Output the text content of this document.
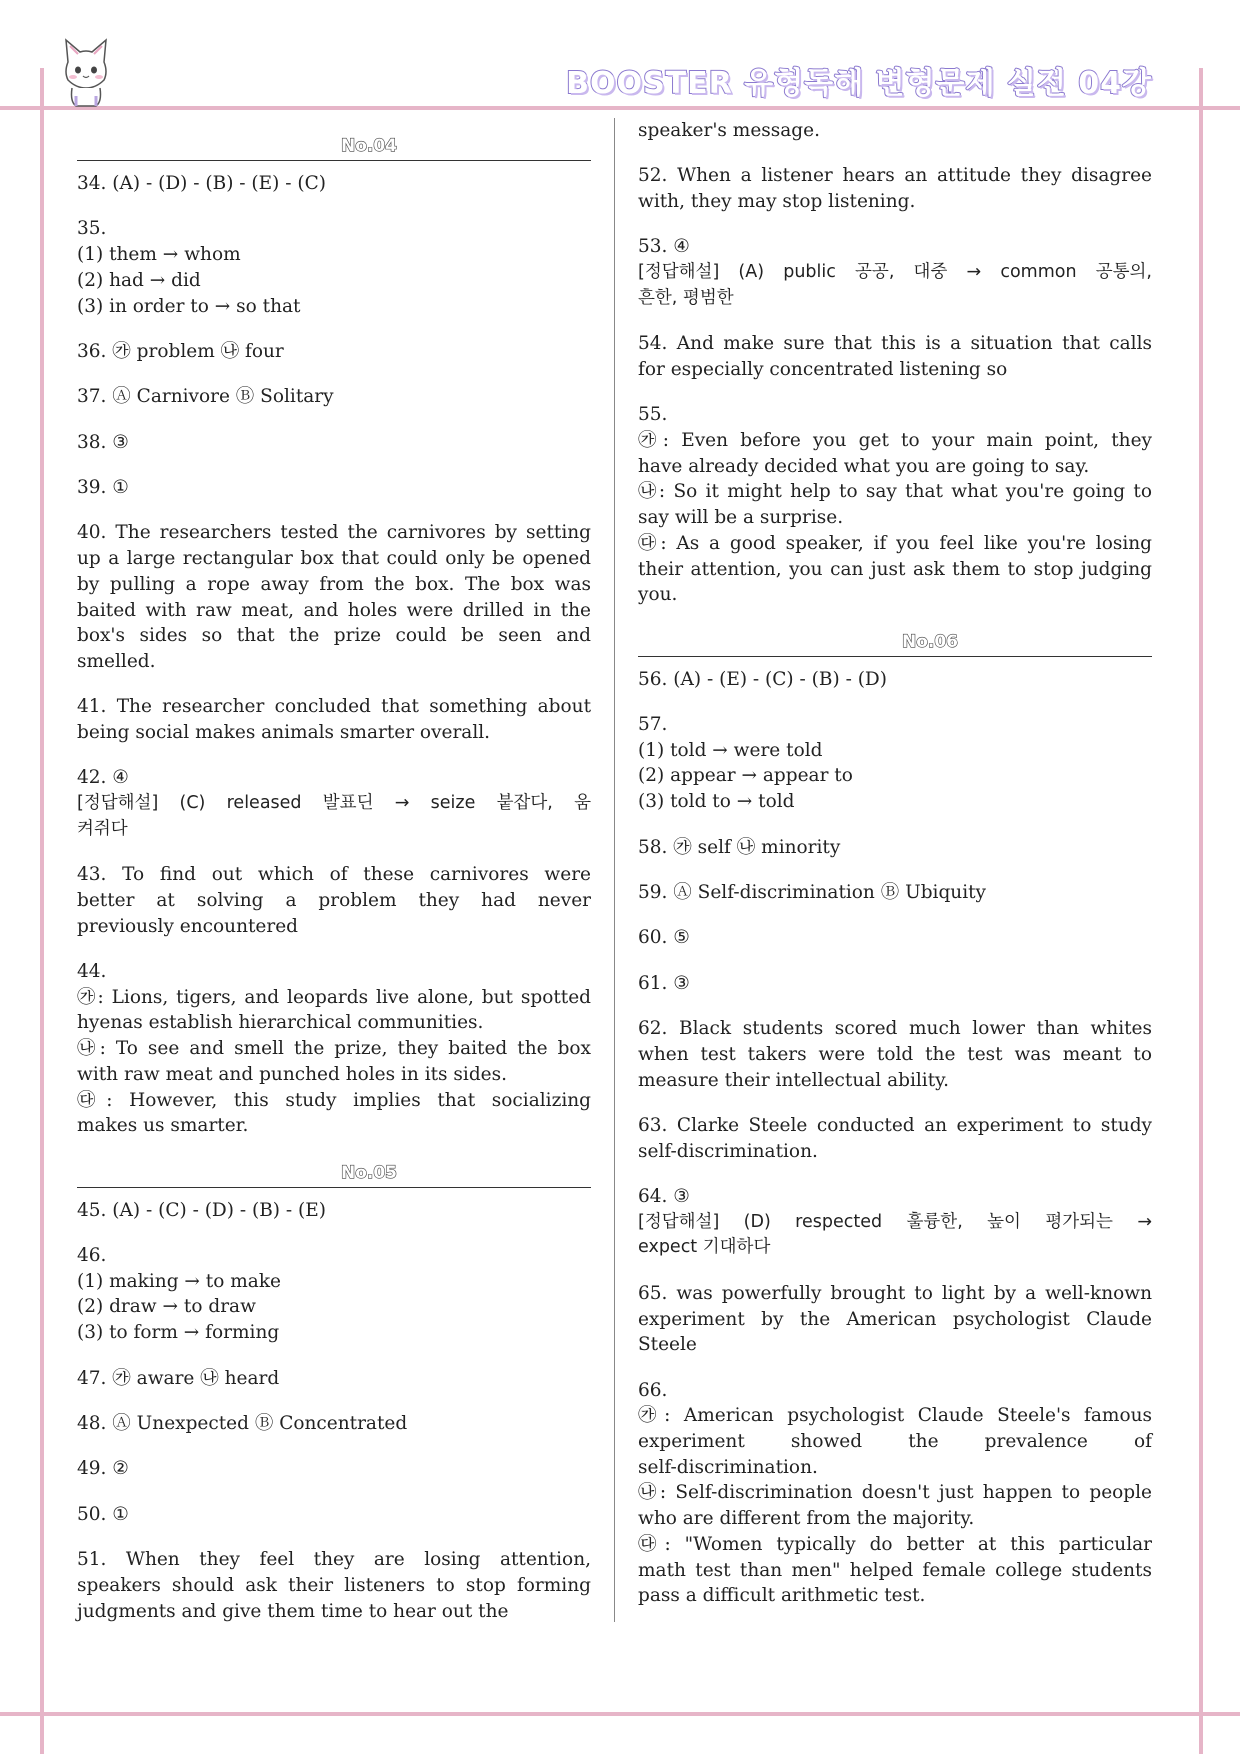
BOOSTER 유형독해 변형문제 실전 04강
No.04
34. (A) - (D) - (B) - (E) - (C)
35.
(1) them → whom
(2) had → did
(3) in order to → so that
36. ㉮ problem ㉯ four
37. Ⓐ Carnivore Ⓑ Solitary
38. ③
39. ①
40. The researchers tested the carnivores by setting
up a large rectangular box that could only be opened
by pulling a rope away from the box. The box was
baited with raw meat, and holes were drilled in the
box's sides so that the prize could be seen and
smelled.
41. The researcher concluded that something about
being social makes animals smarter overall.
42. ④
[정답해설] (C) released 발표딘 → seize 붙잡다, 움
켜쥐다
43. To find out which of these carnivores were
better at solving a problem they had never
previously encountered
44.
㉮: Lions, tigers, and leopards live alone, but spotted
hyenas establish hierarchical communities.
㉯: To see and smell the prize, they baited the box
with raw meat and punched holes in its sides.
㉰: However, this study implies that socializing
makes us smarter.
No.05
45. (A) - (C) - (D) - (B) - (E)
46.
(1) making → to make
(2) draw → to draw
(3) to form → forming
47. ㉮ aware ㉯ heard
48. Ⓐ Unexpected Ⓑ Concentrated
49. ②
50. ①
51. When they feel they are losing attention,
speakers should ask their listeners to stop forming
judgments and give them time to hear out the
speaker's message.
52. When a listener hears an attitude they disagree
with, they may stop listening.
53. ④
[정답해설] (A) public 공공, 대중 → common 공통의,
흔한, 평범한
54. And make sure that this is a situation that calls
for especially concentrated listening so
55.
㉮: Even before you get to your main point, they
have already decided what you are going to say.
㉯: So it might help to say that what you're going to
say will be a surprise.
㉰: As a good speaker, if you feel like you're losing
their attention, you can just ask them to stop judging
you.
No.06
56. (A) - (E) - (C) - (B) - (D)
57.
(1) told → were told
(2) appear → appear to
(3) told to → told
58. ㉮ self ㉯ minority
59. Ⓐ Self-discrimination Ⓑ Ubiquity
60. ⑤
61. ③
62. Black students scored much lower than whites
when test takers were told the test was meant to
measure their intellectual ability.
63. Clarke Steele conducted an experiment to study
self-discrimination.
64. ③
[정답해설] (D) respected 훌륭한, 높이 평가되는 →
expect 기대하다
65. was powerfully brought to light by a well-known
experiment by the American psychologist Claude
Steele
66.
㉮: American psychologist Claude Steele's famous
experiment showed the prevalence of
self-discrimination.
㉯: Self-discrimination doesn't just happen to people
who are different from the majority.
㉰: "Women typically do better at this particular
math test than men" helped female college students
pass a difficult arithmetic test.
